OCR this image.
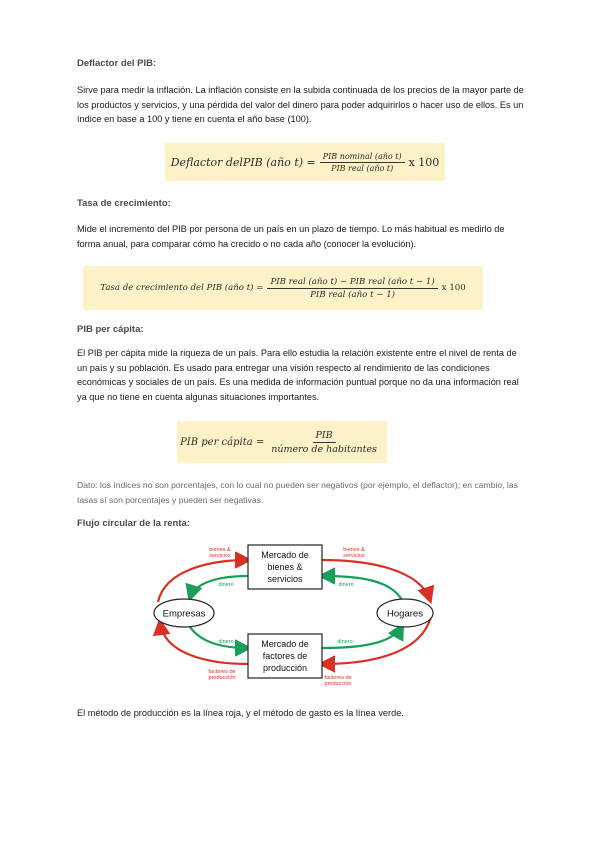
Deflactor del PIB:
Sirve para medir la inflación. La inflación consiste en la subida continuada de los precios de la mayor parte de los productos y servicios, y una pérdida del valor del dinero para poder adquirirlos o hacer uso de ellos. Es un índice en base a 100 y tiene en cuenta el año base (100).
Deflactor delPIB (año $t) = \frac{\text{PIB nominal (año t)}}{\text{PIB real (año t)}}$ x 100
Tasa de crecimiento:
Mide el incremento del PIB por persona de un país en un plazo de tiempo. Lo más habitual es medirlo de forma anual, para comparar cómo ha crecido o no cada año (conocer la evolución).
Tasa de crecimiento del PIB (año $t) = \frac{\text{PIB real (año t) − PIB real (año t − 1)}}{\text{PIB real (año t − 1)}}$ x 100
PIB per cápita:
El PIB per cápita mide la riqueza de un país. Para ello estudia la relación existente entre el nivel de renta de un país y su población. Es usado para entregar una visión respecto al rendimiento de las condiciones económicas y sociales de un país. Es una medida de información puntual porque no da una información real ya que no tiene en cuenta algunas situaciones importantes.
PIB per cápita = $\frac{\text{PIB}}{\text{número de habitantes}}$
Dato: los índices no son porcentajes, con lo cual no pueden ser negativos (por ejemplo, el deflactor); en cambio, las tasas sí son porcentajes y pueden ser negativas.
Flujo circular de la renta:
Empresas	Hogares
Mercado de
bienes &
servicios
Mercado de
factores de
producción
bienes &
servicios
bienes &
servicios
factores de
producción	factores de
producción
dinero	dinero
dinero	dinero
El método de producción es la línea roja, y el método de gasto es la línea verde.
